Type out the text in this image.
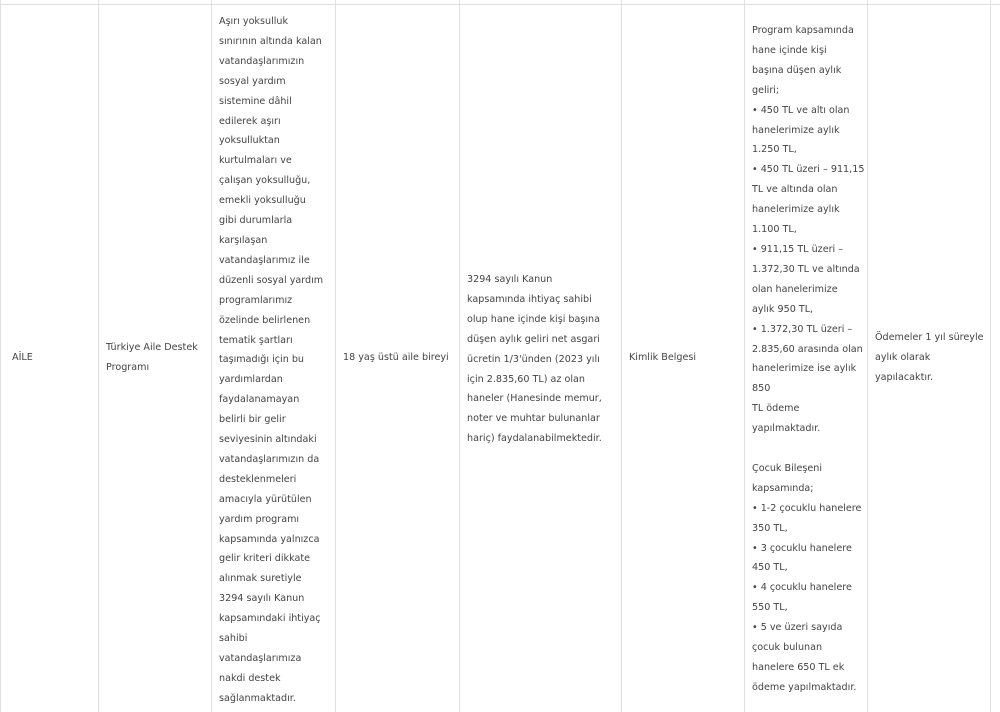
AİLE
Türkiye Aile Destek
Programı
Aşırı yoksulluk
sınırının altında kalan
vatandaşlarımızın
sosyal yardım
sistemine dâhil
edilerek aşırı
yoksulluktan
kurtulmaları ve
çalışan yoksulluğu,
emekli yoksulluğu
gibi durumlarla
karşılaşan
vatandaşlarımız ile
düzenli sosyal yardım
programlarımız
özelinde belirlenen
tematik şartları
taşımadığı için bu
yardımlardan
faydalanamayan
belirli bir gelir
seviyesinin altındaki
vatandaşlarımızın da
desteklenmeleri
amacıyla yürütülen
yardım programı
kapsamında yalnızca
gelir kriteri dikkate
alınmak suretiyle
3294 sayılı Kanun
kapsamındaki ihtiyaç
sahibi
vatandaşlarımıza
nakdi destek
sağlanmaktadır.
18 yaş üstü aile bireyi
3294 sayılı Kanun
kapsamında ihtiyaç sahibi
olup hane içinde kişi başına
düşen aylık geliri net asgari
ücretin 1/3'ünden (2023 yılı
için 2.835,60 TL) az olan
haneler (Hanesinde memur,
noter ve muhtar bulunanlar
hariç) faydalanabilmektedir.
Kimlik Belgesi
Program kapsamında
hane içinde kişi
başına düşen aylık
geliri;
• 450 TL ve altı olan
hanelerimize aylık
1.250 TL,
• 450 TL üzeri – 911,15
TL ve altında olan
hanelerimize aylık
1.100 TL,
• 911,15 TL üzeri –
1.372,30 TL ve altında
olan hanelerimize
aylık 950 TL,
• 1.372,30 TL üzeri –
2.835,60 arasında olan
hanelerimize ise aylık
850
TL ödeme
yapılmaktadır.
Çocuk Bileşeni
kapsamında;
• 1-2 çocuklu hanelere
350 TL,
• 3 çocuklu hanelere
450 TL,
• 4 çocuklu hanelere
550 TL,
• 5 ve üzeri sayıda
çocuk bulunan
hanelere 650 TL ek
ödeme yapılmaktadır.
Ödemeler 1 yıl süreyle
aylık olarak
yapılacaktır.
